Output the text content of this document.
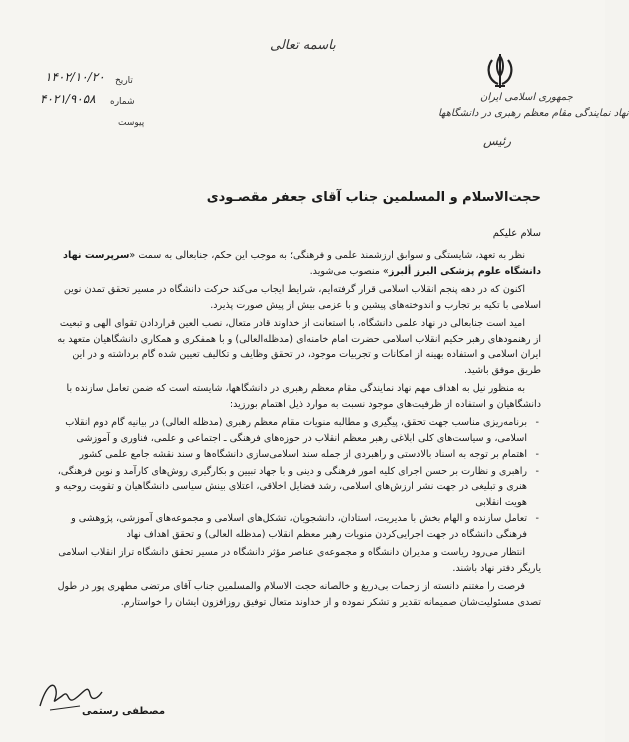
جمهوری اسلامی ایران
نهاد نمایندگی مقام معظم رهبری در دانشگاهها
رئیس
باسمه تعالی
تاریخ
۱۴۰۲/۱۰/۲۰
شماره
۴۰۲۱/۹۰۵۸
پیوست
حجت‌الاسلام و المسلمین جناب آقای جعفر مقصـودی
سلام علیکم

نظر به تعهد، شایستگی و سوابق ارزشمند علمی و فرهنگی؛ به موجب این حکم، جنابعالی به سمت «سرپرست نهاد دانشگاه علوم پزشکی البرز ألبرز» منصوب می‌شوید.

اکنون که در دهه پنجم انقلاب اسلامی قرار گرفته‌ایم، شرایط ایجاب می‌کند حرکت دانشگاه در مسیر تحقق تمدن نوین اسلامی با تکیه بر تجارب و اندوخته‌های پیشین و با عزمی بیش از پیش صورت پذیرد.

امید است جنابعالی در نهاد علمی دانشگاه، با استعانت از خداوند قادر متعال، نصب العین قراردادن تقوای الهی و تبعیت از رهنمودهای رهبر حکیم انقلاب اسلامی حضرت امام خامنه‌ای (مدظله‌العالی) و با همفکری و همکاری دانشگاهیان متعهد به ایران اسلامی و استفاده بهینه از امکانات و تجربیات موجود، در تحقق وظایف و تکالیف تعیین شده گام برداشته و در این طریق موفق باشید.

به منظور نیل به اهداف مهم نهاد نمایندگی مقام معظم رهبری در دانشگاهها، شایسته است که ضمن تعامل سازنده با دانشگاهیان و استفاده از ظرفیت‌های موجود نسبت به موارد ذیل اهتمام بورزید:

- برنامه‌ریزی مناسب جهت تحقق، پیگیری و مطالبه منویات مقام معظم رهبری (مدظله العالی) در بیانیه گام دوم انقلاب اسلامی، و سیاست‌های کلی ابلاغی رهبر معظم انقلاب در حوزه‌های فرهنگی ـ اجتماعی و علمی، فناوری و آموزشی
- اهتمام بر توجه به اسناد بالادستی و راهبردی از جمله سند اسلامی‌سازی دانشگاه‌ها و سند نقشه جامع علمی کشور
- راهبری و نظارت بر حسن اجرای کلیه امور فرهنگی و دینی و با جهاد تبیین و بکارگیری روش‌های کارآمد و نوین فرهنگی، هنری و تبلیغی در جهت نشر ارزش‌های اسلامی، رشد فضایل اخلاقی، اعتلای بینش سیاسی دانشگاهیان و تقویت روحیه و هویت انقلابی
- تعامل سازنده و الهام بخش با مدیریت، استادان، دانشجویان، تشکل‌های اسلامی و مجموعه‌های آموزشی، پژوهشی و فرهنگی دانشگاه در جهت اجرایی‌کردن منویات رهبر معظم انقلاب (مدظله العالی) و تحقق اهداف نهاد

انتظار می‌رود ریاست و مدیران دانشگاه و مجموعه‌ی عناصر مؤثر دانشگاه در مسیر تحقق دانشگاه تراز انقلاب اسلامی یاریگر دفتر نهاد باشند.

فرصت را مغتنم دانسته از زحمات بی‌دریغ و خالصانه حجت الاسلام والمسلمین جناب آقای مرتضی مطهری پور در طول تصدی مسئولیت‌شان صمیمانه تقدیر و تشکر نموده و از خداوند متعال توفیق روزافزون ایشان را خواستارم.

مصطفی رستمی
